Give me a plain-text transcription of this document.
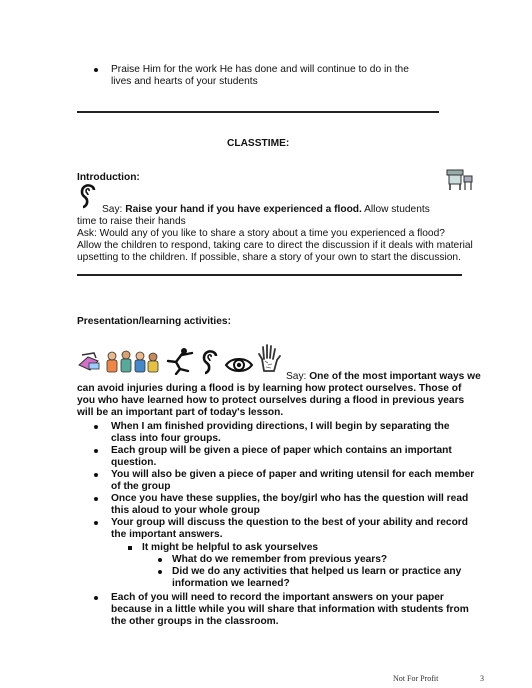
Praise Him for the work He has done and will continue to do in the
lives and hearts of your students
CLASSTIME:
Introduction:
Say: Raise your hand if you have experienced a flood. Allow students
time to raise their hands
Ask: Would any of you like to share a story about a time you experienced a flood?
Allow the children to respond, taking care to direct the discussion if it deals with material
upsetting to the children. If possible, share a story of your own to start the discussion.
Presentation/learning activities:
Say: One of the most important ways we
can avoid injuries during a flood is by learning how protect ourselves. Those of
you who have learned how to protect ourselves during a flood in previous years
will be an important part of today's lesson.
When I am finished providing directions, I will begin by separating the
class into four groups.
Each group will be given a piece of paper which contains an important
question.
You will also be given a piece of paper and writing utensil for each member
of the group
Once you have these supplies, the boy/girl who has the question will read
this aloud to your whole group
Your group will discuss the question to the best of your ability and record
the important answers.
It might be helpful to ask yourselves
What do we remember from previous years?
Did we do any activities that helped us learn or practice any
information we learned?
Each of you will need to record the important answers on your paper
because in a little while you will share that information with students from
the other groups in the classroom.
Not For Profit	3
